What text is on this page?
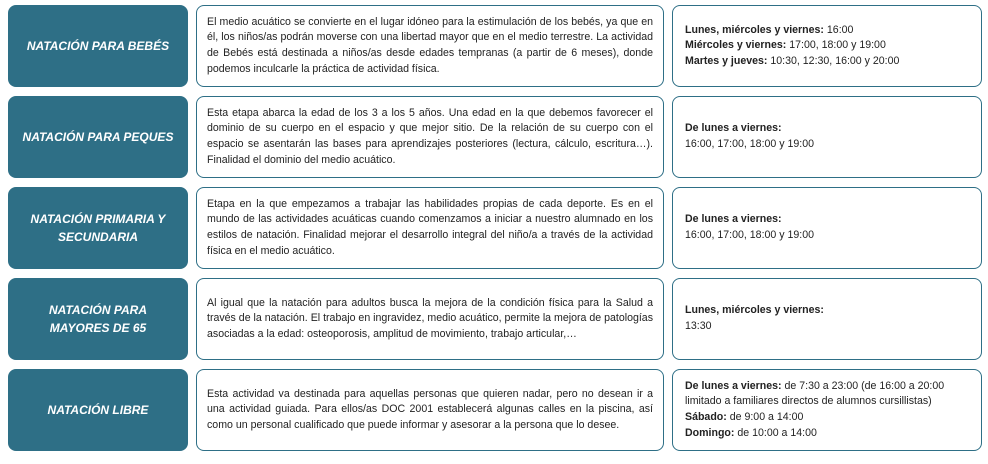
NATACIÓN PARA BEBÉS
El medio acuático se convierte en el lugar idóneo para la estimulación de los bebés, ya que en él, los niños/as podrán moverse con una libertad mayor que en el medio terrestre. La actividad de Bebés está destinada a niños/as desde edades tempranas (a partir de 6 meses), donde podemos inculcarle la práctica de actividad física.
Lunes, miércoles y viernes: 16:00
Miércoles y viernes: 17:00, 18:00 y 19:00
Martes y jueves: 10:30, 12:30, 16:00 y 20:00
NATACIÓN PARA PEQUES
Esta etapa abarca la edad de los 3 a los 5 años. Una edad en la que debemos favorecer el dominio de su cuerpo en el espacio y que mejor sitio. De la relación de su cuerpo con el espacio se asentarán las bases para aprendizajes posteriores (lectura, cálculo, escritura…). Finalidad el dominio del medio acuático.
De lunes a viernes:
16:00, 17:00, 18:00 y 19:00
NATACIÓN PRIMARIA Y SECUNDARIA
Etapa en la que empezamos a trabajar las habilidades propias de cada deporte. Es en el mundo de las actividades acuáticas cuando comenzamos a iniciar a nuestro alumnado en los estilos de natación. Finalidad mejorar el desarrollo integral del niño/a a través de la actividad física en el medio acuático.
De lunes a viernes:
16:00, 17:00, 18:00 y 19:00
NATACIÓN PARA MAYORES DE 65
Al igual que la natación para adultos busca la mejora de la condición física para la Salud a través de la natación. El trabajo en ingravidez, medio acuático, permite la mejora de patologías asociadas a la edad: osteoporosis, amplitud de movimiento, trabajo articular,…
Lunes, miércoles y viernes:
13:30
NATACIÓN LIBRE
Esta actividad va destinada para aquellas personas que quieren nadar, pero no desean ir a una actividad guiada. Para ellos/as DOC 2001 establecerá algunas calles en la piscina, así como un personal cualificado que puede informar y asesorar a la persona que lo desee.
De lunes a viernes: de 7:30 a 23:00 (de 16:00 a 20:00 limitado a familiares directos de alumnos cursillistas)
Sábado: de 9:00 a 14:00
Domingo: de 10:00 a 14:00
